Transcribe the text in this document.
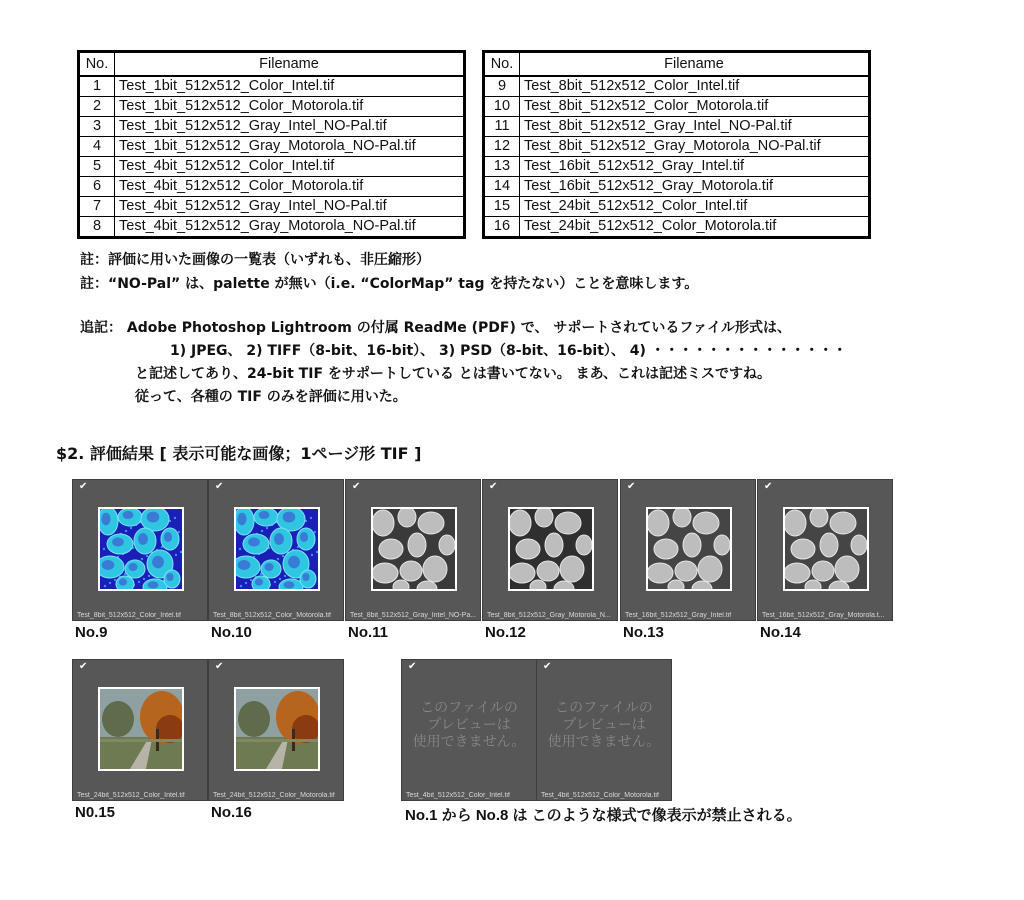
No.	Filename
1	Test_1bit_512x512_Color_Intel.tif
2	Test_1bit_512x512_Color_Motorola.tif
3	Test_1bit_512x512_Gray_Intel_NO-Pal.tif
4	Test_1bit_512x512_Gray_Motorola_NO-Pal.tif
5	Test_4bit_512x512_Color_Intel.tif
6	Test_4bit_512x512_Color_Motorola.tif
7	Test_4bit_512x512_Gray_Intel_NO-Pal.tif
8	Test_4bit_512x512_Gray_Motorola_NO-Pal.tif
No.	Filename
9	Test_8bit_512x512_Color_Intel.tif
10	Test_8bit_512x512_Color_Motorola.tif
11	Test_8bit_512x512_Gray_Intel_NO-Pal.tif
12	Test_8bit_512x512_Gray_Motorola_NO-Pal.tif
13	Test_16bit_512x512_Gray_Intel.tif
14	Test_16bit_512x512_Gray_Motorola.tif
15	Test_24bit_512x512_Color_Intel.tif
16	Test_24bit_512x512_Color_Motorola.tif
註：評価に用いた画像の一覧表（いずれも、非圧縮形）
註：“NO-Pal” は、palette が無い（i.e. “ColorMap” tag を持たない）ことを意味します。
追記： Adobe Photoshop Lightroom の付属 ReadMe (PDF) で、 サポートされているファイル形式は、
1) JPEG、 2) TIFF（8-bit、16-bit）、 3) PSD（8-bit、16-bit）、 4) ・・・・・・・・・・・・・・
と記述してあり、24-bit TIF をサポートしている とは書いてない。 まあ、これは記述ミスですね。
従って、各種の TIF のみを評価に用いた。
$2. 評価結果 [ 表示可能な画像；1ページ形 TIF ]
✔
Test_8bit_512x512_Color_Intel.tif
No.9
✔
Test_8bit_512x512_Color_Motorola.tif
No.10
✔
Test_8bit_512x512_Gray_Intel_NO-Pa...
No.11
✔
Test_8bit_512x512_Gray_Motorola_N...
No.12
✔
Test_16bit_512x512_Gray_Intel.tif
No.13
✔
Test_16bit_512x512_Gray_Motorola.t...
No.14
✔
Test_24bit_512x512_Color_Intel.tif
N0.15
✔
Test_24bit_512x512_Color_Motorola.tif
No.16
✔
このファイルの
プレビューは
使用できません。
Test_4bit_512x512_Color_Intel.tif
✔
このファイルの
プレビューは
使用できません。
Test_4bit_512x512_Color_Motorola.tif
No.1 から No.8 は このような様式で像表示が禁止される。
